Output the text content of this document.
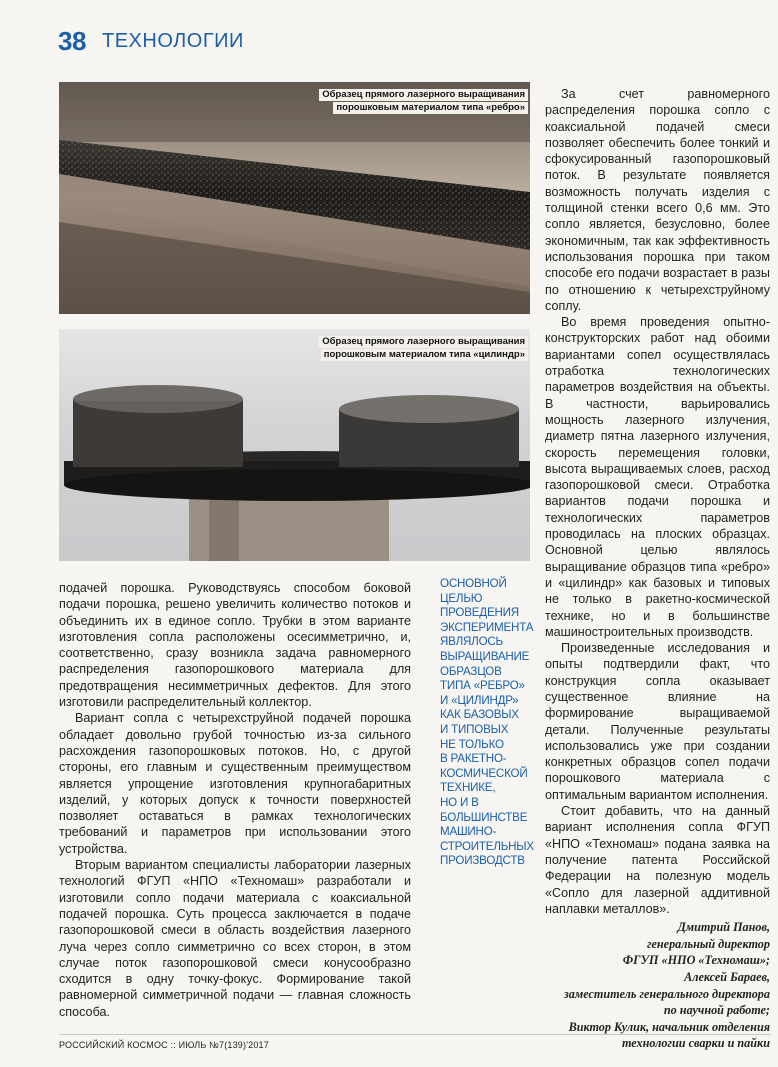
38 ТЕХНОЛОГИИ
Образец прямого лазерного выращивания
порошковым материалом типа «ребро»
Образец прямого лазерного выращивания
порошковым материалом типа «цилиндр»

подачей порошка. Руководствуясь способом боковой подачи порошка, решено увеличить количество потоков и объединить их в единое сопло. Трубки в этом варианте изготовления сопла расположены осесимметрично, и, соответственно, сразу возникла задача равномерного распределения газопорошкового материала для предотвращения несимметричных дефектов. Для этого изготовили распределительный коллектор.

Вариант сопла с четырехструйной подачей порошка обладает довольно грубой точностью из-за сильного расхождения газопорошковых потоков. Но, с другой стороны, его главным и существенным преимуществом является упрощение изготовления крупногабаритных изделий, у которых допуск к точности поверхностей позволяет оставаться в рамках технологических требований и параметров при использовании этого устройства.

Вторым вариантом специалисты лаборатории лазерных технологий ФГУП «НПО «Техномаш» разработали и изготовили сопло подачи материала с коаксиальной подачей порошка. Суть процесса заключается в подаче газопорошковой смеси в область воздействия лазерного луча через сопло симметрично со всех сторон, в этом случае поток газопорошковой смеси конусообразно сходится в одну точку-фокус. Формирование такой равномерной симметричной подачи — главная сложность способа.

ОСНОВНОЙ
ЦЕЛЬЮ
ПРОВЕДЕНИЯ
ЭКСПЕРИМЕНТА
ЯВЛЯЛОСЬ
ВЫРАЩИВАНИЕ
ОБРАЗЦОВ
ТИПА «РЕБРО»
И «ЦИЛИНДР»
КАК БАЗОВЫХ
И ТИПОВЫХ
НЕ ТОЛЬКО
В РАКЕТНО-
КОСМИЧЕСКОЙ
ТЕХНИКЕ,
НО И В
БОЛЬШИНСТВЕ
МАШИНО-
СТРОИТЕЛЬНЫХ
ПРОИЗВОДСТВ

За счет равномерного распределения порошка сопло с коаксиальной подачей смеси позволяет обеспечить более тонкий и сфокусированный газопорошковый поток. В результате появляется возможность получать изделия с толщиной стенки всего 0,6 мм. Это сопло является, безусловно, более экономичным, так как эффективность использования порошка при таком способе его подачи возрастает в разы по отношению к четырехструйному соплу.

Во время проведения опытно-конструкторских работ над обоими вариантами сопел осуществлялась отработка технологических параметров воздействия на объекты. В частности, варьировались мощность лазерного излучения, диаметр пятна лазерного излучения, скорость перемещения головки, высота выращиваемых слоев, расход газопорошковой смеси. Отработка вариантов подачи порошка и технологических параметров проводилась на плоских образцах. Основной целью являлось выращивание образцов типа «ребро» и «цилиндр» как базовых и типовых не только в ракетно-космической технике, но и в большинстве машиностроительных производств.

Произведенные исследования и опыты подтвердили факт, что конструкция сопла оказывает существенное влияние на формирование выращиваемой детали. Полученные результаты использовались уже при создании конкретных образцов сопел подачи порошкового материала с оптимальным вариантом исполнения.

Стоит добавить, что на данный вариант исполнения сопла ФГУП «НПО «Техномаш» подана заявка на получение патента Российской Федерации на полезную модель «Сопло для лазерной аддитивной наплавки металлов».

Дмитрий Панов,
генеральный директор
ФГУП «НПО «Техномаш»;
Алексей Бараев,
заместитель генерального директора
по научной работе;
Виктор Кулик, начальник отделения
технологии сварки и пайки
РОССИЙСКИЙ КОСМОС :: ИЮЛЬ №7(139)'2017
